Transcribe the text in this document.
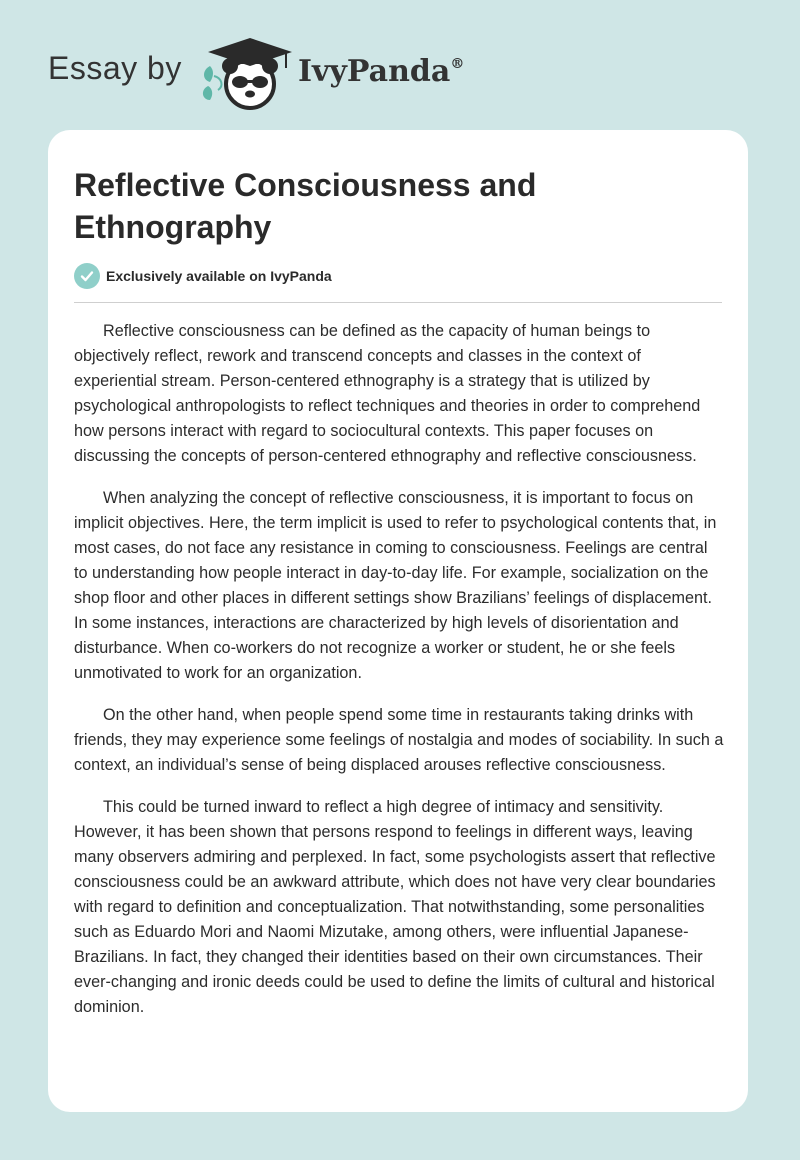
Essay by	IvyPanda®
Reflective Consciousness and Ethnography
Exclusively available on IvyPanda

Reflective consciousness can be defined as the capacity of human beings to objectively reflect, rework and transcend concepts and classes in the context of experiential stream. Person-centered ethnography is a strategy that is utilized by psychological anthropologists to reflect techniques and theories in order to comprehend how persons interact with regard to sociocultural contexts. This paper focuses on discussing the concepts of person-centered ethnography and reflective consciousness.

When analyzing the concept of reflective consciousness, it is important to focus on implicit objectives. Here, the term implicit is used to refer to psychological contents that, in most cases, do not face any resistance in coming to consciousness. Feelings are central to understanding how people interact in day-to-day life. For example, socialization on the shop floor and other places in different settings show Brazilians’ feelings of displacement. In some instances, interactions are characterized by high levels of disorientation and disturbance. When co-workers do not recognize a worker or student, he or she feels unmotivated to work for an organization.

On the other hand, when people spend some time in restaurants taking drinks with friends, they may experience some feelings of nostalgia and modes of sociability. In such a context, an individual’s sense of being displaced arouses reflective consciousness.

This could be turned inward to reflect a high degree of intimacy and sensitivity. However, it has been shown that persons respond to feelings in different ways, leaving many observers admiring and perplexed. In fact, some psychologists assert that reflective consciousness could be an awkward attribute, which does not have very clear boundaries with regard to definition and conceptualization. That notwithstanding, some personalities such as Eduardo Mori and Naomi Mizutake, among others, were influential Japanese-Brazilians. In fact, they changed their identities based on their own circumstances. Their ever-changing and ironic deeds could be used to define the limits of cultural and historical dominion.
